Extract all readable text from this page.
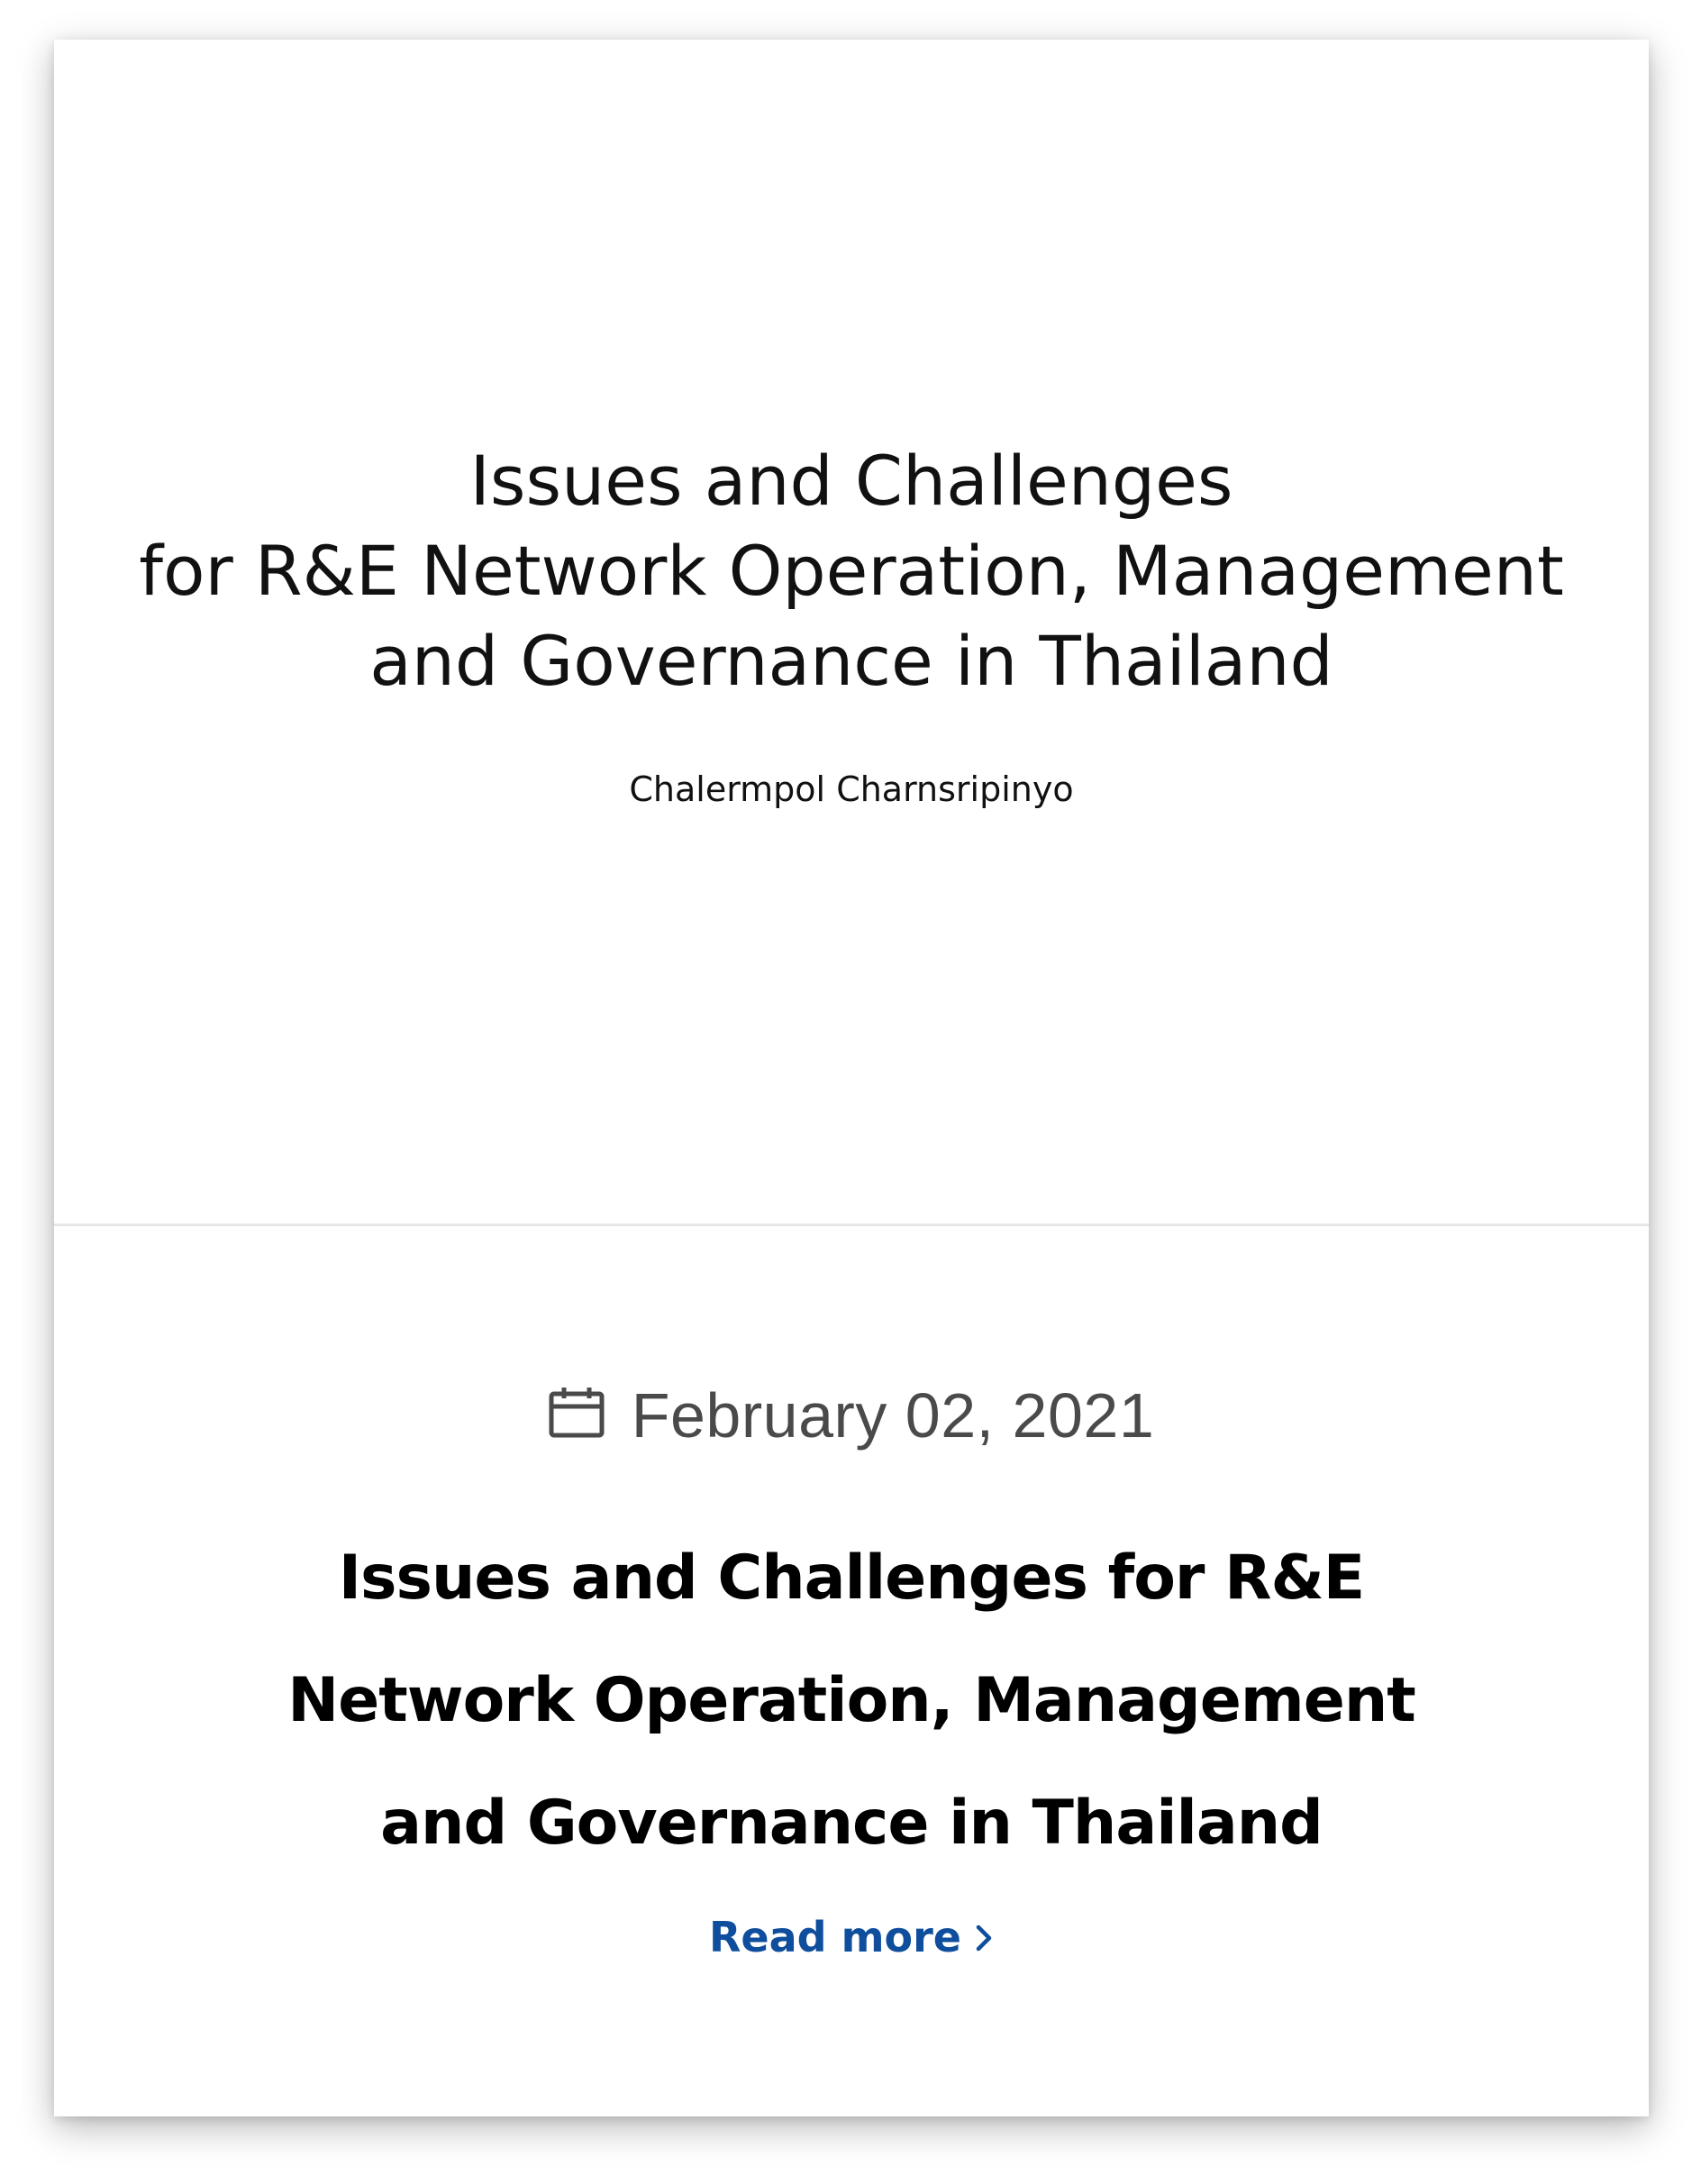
Issues and Challenges
for R&E Network Operation, Management
and Governance in Thailand
Chalermpol Charnsripinyo
February 02, 2021
Issues and Challenges for R&E
Network Operation, Management
and Governance in Thailand
Read more
